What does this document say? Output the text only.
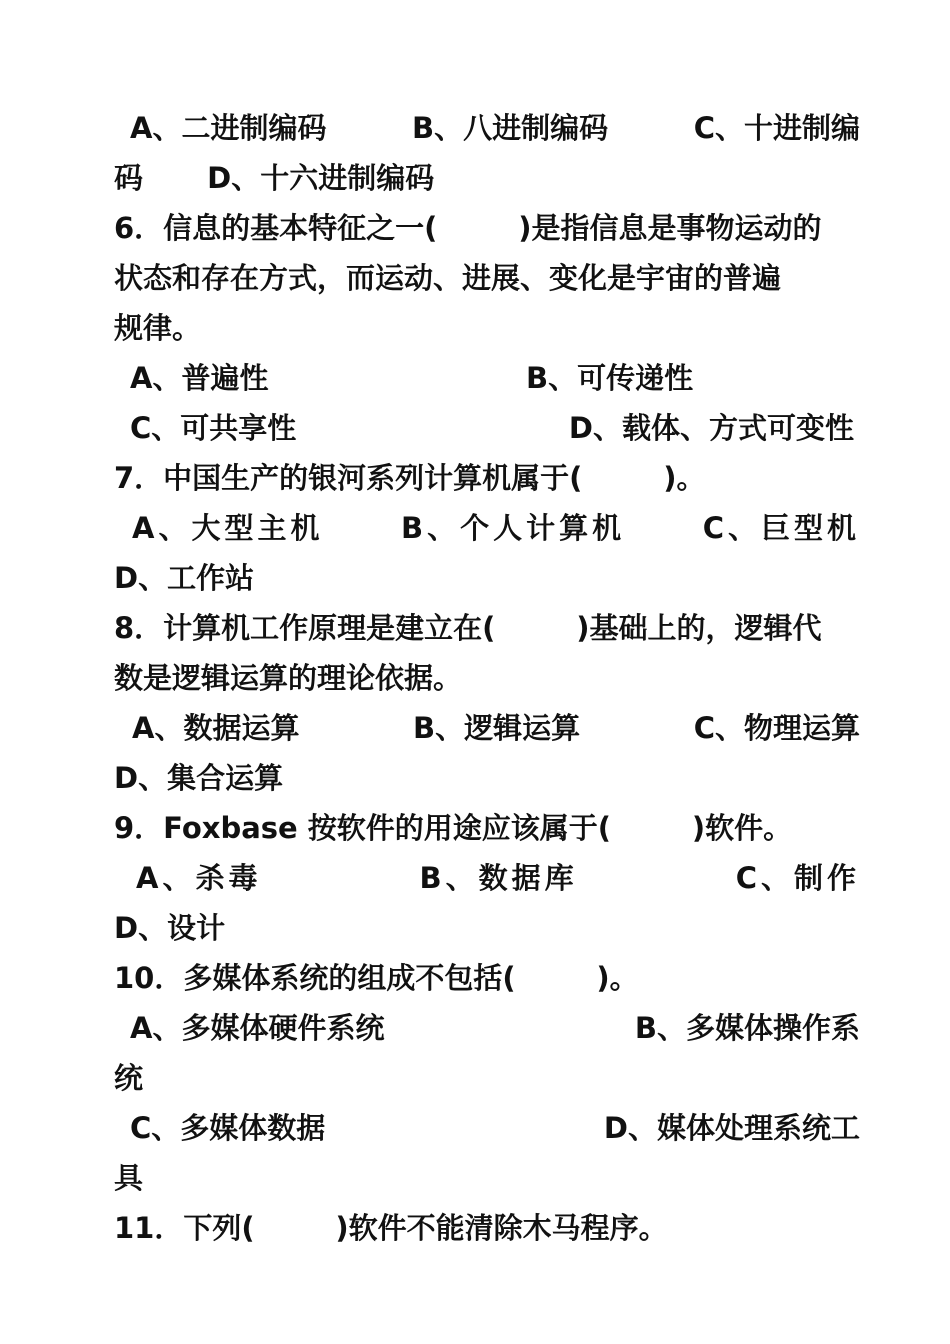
A、二进制编码	B、八进制编码	C、十进制编
码 D、十六进制编码
6．信息的基本特征之一(        )是指信息是事物运动的
状态和存在方式，而运动、进展、变化是宇宙的普遍
规律。
A、普遍性	B、可传递性
C、可共享性	D、载体、方式可变性
7．中国生产的银河系列计算机属于(        )。
A、大型主机	B、个人计算机	C、巨型机
D、工作站
8．计算机工作原理是建立在(        )基础上的，逻辑代
数是逻辑运算的理论依据。
A、数据运算	B、逻辑运算	C、物理运算
D、集合运算
9．Foxbase 按软件的用途应该属于(        )软件。
A、杀毒	B、数据库	C、制作
D、设计
10．多媒体系统的组成不包括(        )。
A、多媒体硬件系统	B、多媒体操作系
统
C、多媒体数据	D、媒体处理系统工
具
11．下列(        )软件不能清除木马程序。
